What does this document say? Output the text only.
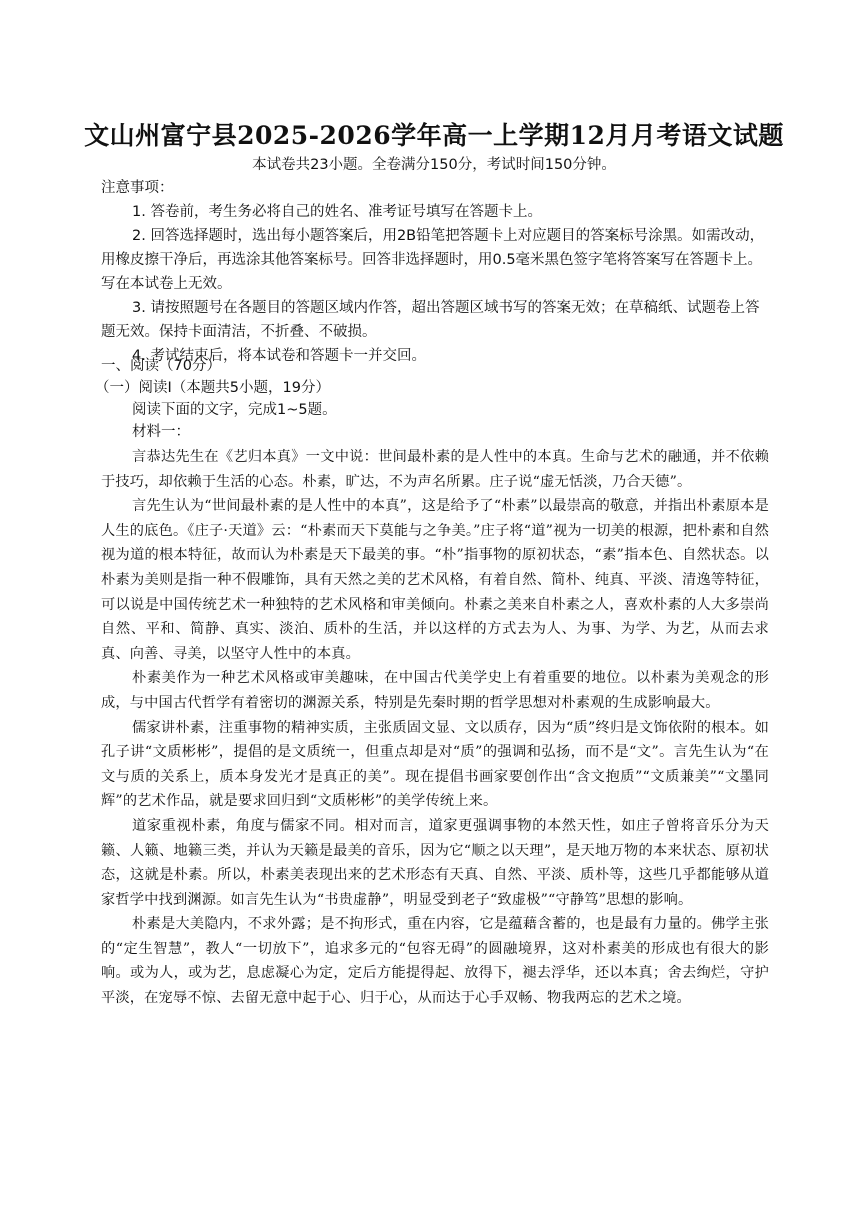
文山州富宁县2025-2026学年高一上学期12月月考语文试题
本试卷共23小题。全卷满分150分，考试时间150分钟。

注意事项：

1. 答卷前，考生务必将自己的姓名、准考证号填写在答题卡上。

2. 回答选择题时，选出每小题答案后，用2B铅笔把答题卡上对应题目的答案标号涂黑。如需改动，用橡皮擦干净后，再选涂其他答案标号。回答非选择题时，用0.5毫米黑色签字笔将答案写在答题卡上。写在本试卷上无效。

3. 请按照题号在各题目的答题区域内作答，超出答题区域书写的答案无效；在草稿纸、试题卷上答题无效。保持卡面清洁，不折叠、不破损。

4. 考试结束后，将本试卷和答题卡一并交回。

一、阅读（70分）

（一）阅读Ⅰ（本题共5小题，19分）

阅读下面的文字，完成1~5题。

材料一：

言恭达先生在《艺归本真》一文中说：世间最朴素的是人性中的本真。生命与艺术的融通，并不依赖于技巧，却依赖于生活的心态。朴素，旷达，不为声名所累。庄子说“虚无恬淡，乃合天德”。

言先生认为“世间最朴素的是人性中的本真”，这是给予了“朴素”以最崇高的敬意，并指出朴素原本是人生的底色。《庄子·天道》云：“朴素而天下莫能与之争美。”庄子将“道”视为一切美的根源，把朴素和自然视为道的根本特征，故而认为朴素是天下最美的事。“朴”指事物的原初状态，“素”指本色、自然状态。以朴素为美则是指一种不假雕饰，具有天然之美的艺术风格，有着自然、简朴、纯真、平淡、清逸等特征，可以说是中国传统艺术一种独特的艺术风格和审美倾向。朴素之美来自朴素之人，喜欢朴素的人大多崇尚自然、平和、简静、真实、淡泊、质朴的生活，并以这样的方式去为人、为事、为学、为艺，从而去求真、向善、寻美，以坚守人性中的本真。

朴素美作为一种艺术风格或审美趣味，在中国古代美学史上有着重要的地位。以朴素为美观念的形成，与中国古代哲学有着密切的渊源关系，特别是先秦时期的哲学思想对朴素观的生成影响最大。

儒家讲朴素，注重事物的精神实质，主张质固文显、文以质存，因为“质”终归是文饰依附的根本。如孔子讲“文质彬彬”，提倡的是文质统一，但重点却是对“质”的强调和弘扬，而不是“文”。言先生认为“在文与质的关系上，质本身发光才是真正的美”。现在提倡书画家要创作出“含文抱质”“文质兼美”“文墨同辉”的艺术作品，就是要求回归到“文质彬彬”的美学传统上来。

道家重视朴素，角度与儒家不同。相对而言，道家更强调事物的本然天性，如庄子曾将音乐分为天籁、人籁、地籁三类，并认为天籁是最美的音乐，因为它“顺之以天理”，是天地万物的本来状态、原初状态，这就是朴素。所以，朴素美表现出来的艺术形态有天真、自然、平淡、质朴等，这些几乎都能够从道家哲学中找到渊源。如言先生认为“书贵虚静”，明显受到老子“致虚极”“守静笃”思想的影响。

朴素是大美隐内，不求外露；是不拘形式，重在内容，它是蕴藉含蓄的，也是最有力量的。佛学主张的“定生智慧”，教人“一切放下”，追求多元的“包容无碍”的圆融境界，这对朴素美的形成也有很大的影响。或为人，或为艺，息虑凝心为定，定后方能提得起、放得下，褪去浮华，还以本真；舍去绚烂，守护平淡，在宠辱不惊、去留无意中起于心、归于心，从而达于心手双畅、物我两忘的艺术之境。
